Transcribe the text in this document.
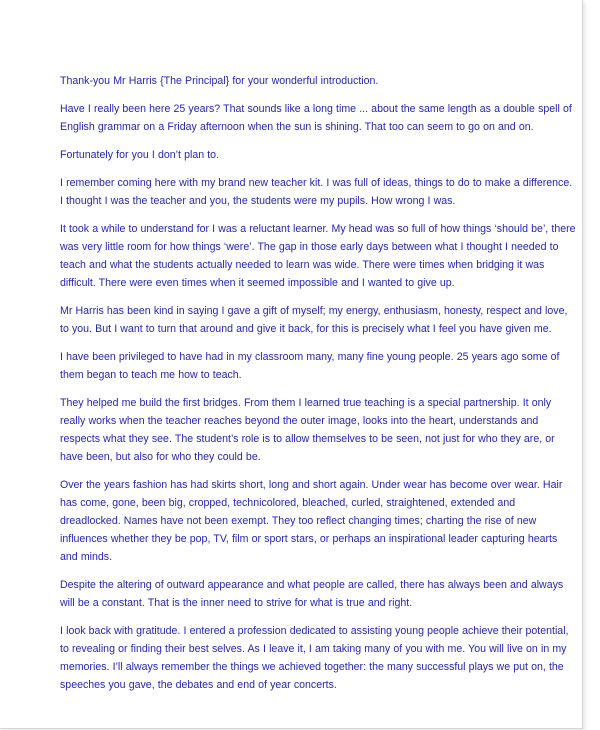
Thank-you Mr Harris {The Principal} for your wonderful introduction.

Have I really been here 25 years? That sounds like a long time ... about the same length as a double spell of
English grammar on a Friday afternoon when the sun is shining. That too can seem to go on and on.

Fortunately for you I don’t plan to.

I remember coming here with my brand new teacher kit. I was full of ideas, things to do to make a difference.
I thought I was the teacher and you, the students were my pupils. How wrong I was.

It took a while to understand for I was a reluctant learner. My head was so full of how things ‘should be’, there
was very little room for how things ‘were’. The gap in those early days between what I thought I needed to
teach and what the students actually needed to learn was wide. There were times when bridging it was
difficult. There were even times when it seemed impossible and I wanted to give up.

Mr Harris has been kind in saying I gave a gift of myself; my energy, enthusiasm, honesty, respect and love,
to you. But I want to turn that around and give it back, for this is precisely what I feel you have given me.

I have been privileged to have had in my classroom many, many fine young people. 25 years ago some of
them began to teach me how to teach.

They helped me build the first bridges. From them I learned true teaching is a special partnership. It only
really works when the teacher reaches beyond the outer image, looks into the heart, understands and
respects what they see. The student’s role is to allow themselves to be seen, not just for who they are, or
have been, but also for who they could be.

Over the years fashion has had skirts short, long and short again. Under wear has become over wear. Hair
has come, gone, been big, cropped, technicolored, bleached, curled, straightened, extended and
dreadlocked. Names have not been exempt. They too reflect changing times; charting the rise of new
influences whether they be pop, TV, film or sport stars, or perhaps an inspirational leader capturing hearts
and minds.

Despite the altering of outward appearance and what people are called, there has always been and always
will be a constant. That is the inner need to strive for what is true and right.

I look back with gratitude. I entered a profession dedicated to assisting young people achieve their potential,
to revealing or finding their best selves. As I leave it, I am taking many of you with me. You will live on in my
memories. I’ll always remember the things we achieved together: the many successful plays we put on, the
speeches you gave, the debates and end of year concerts.
